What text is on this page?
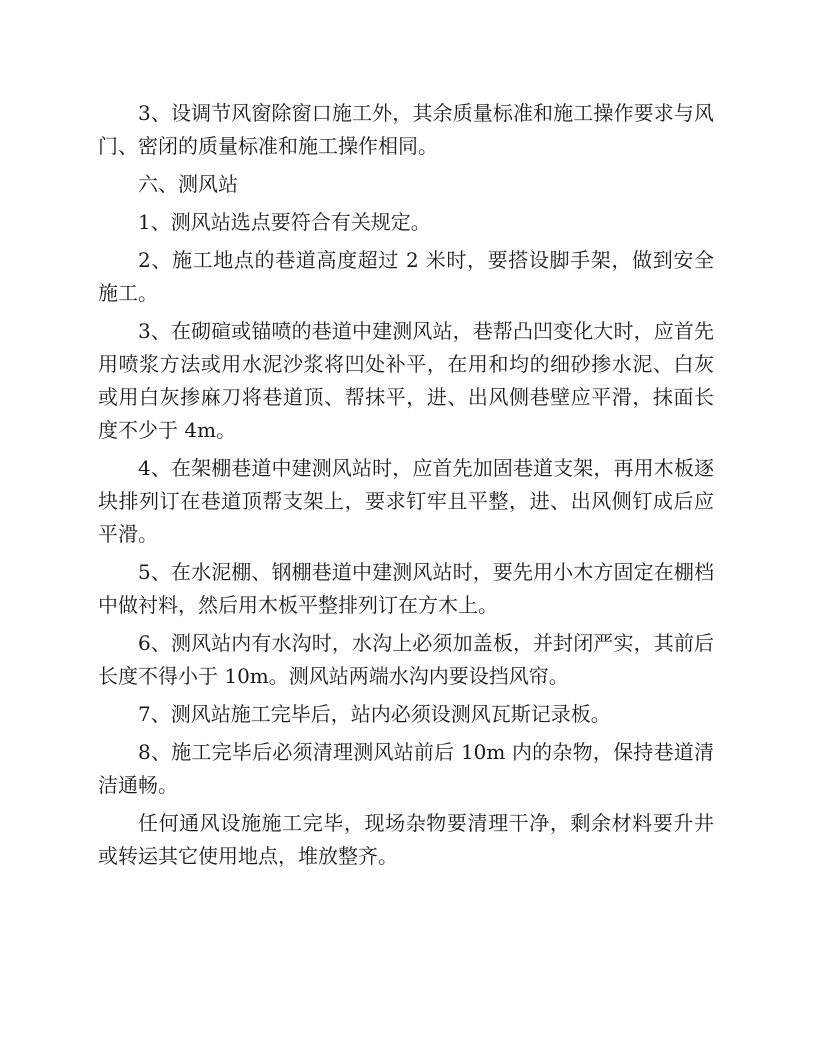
3、设调节风窗除窗口施工外，其余质量标准和施工操作要求与风门、密闭的质量标准和施工操作相同。

六、测风站

1、测风站选点要符合有关规定。

2、施工地点的巷道高度超过 2 米时，要搭设脚手架，做到安全施工。

3、在砌碹或锚喷的巷道中建测风站，巷帮凸凹变化大时，应首先用喷浆方法或用水泥沙浆将凹处补平，在用和均的细砂掺水泥、白灰或用白灰掺麻刀将巷道顶、帮抹平，进、出风侧巷壁应平滑，抹面长度不少于 4m。

4、在架棚巷道中建测风站时，应首先加固巷道支架，再用木板逐块排列订在巷道顶帮支架上，要求钉牢且平整，进、出风侧钉成后应平滑。

5、在水泥棚、钢棚巷道中建测风站时，要先用小木方固定在棚档中做衬料，然后用木板平整排列订在方木上。

6、测风站内有水沟时，水沟上必须加盖板，并封闭严实，其前后长度不得小于 10m。测风站两端水沟内要设挡风帘。

7、测风站施工完毕后，站内必须设测风瓦斯记录板。

8、施工完毕后必须清理测风站前后 10m 内的杂物，保持巷道清洁通畅。

任何通风设施施工完毕，现场杂物要清理干净，剩余材料要升井或转运其它使用地点，堆放整齐。
